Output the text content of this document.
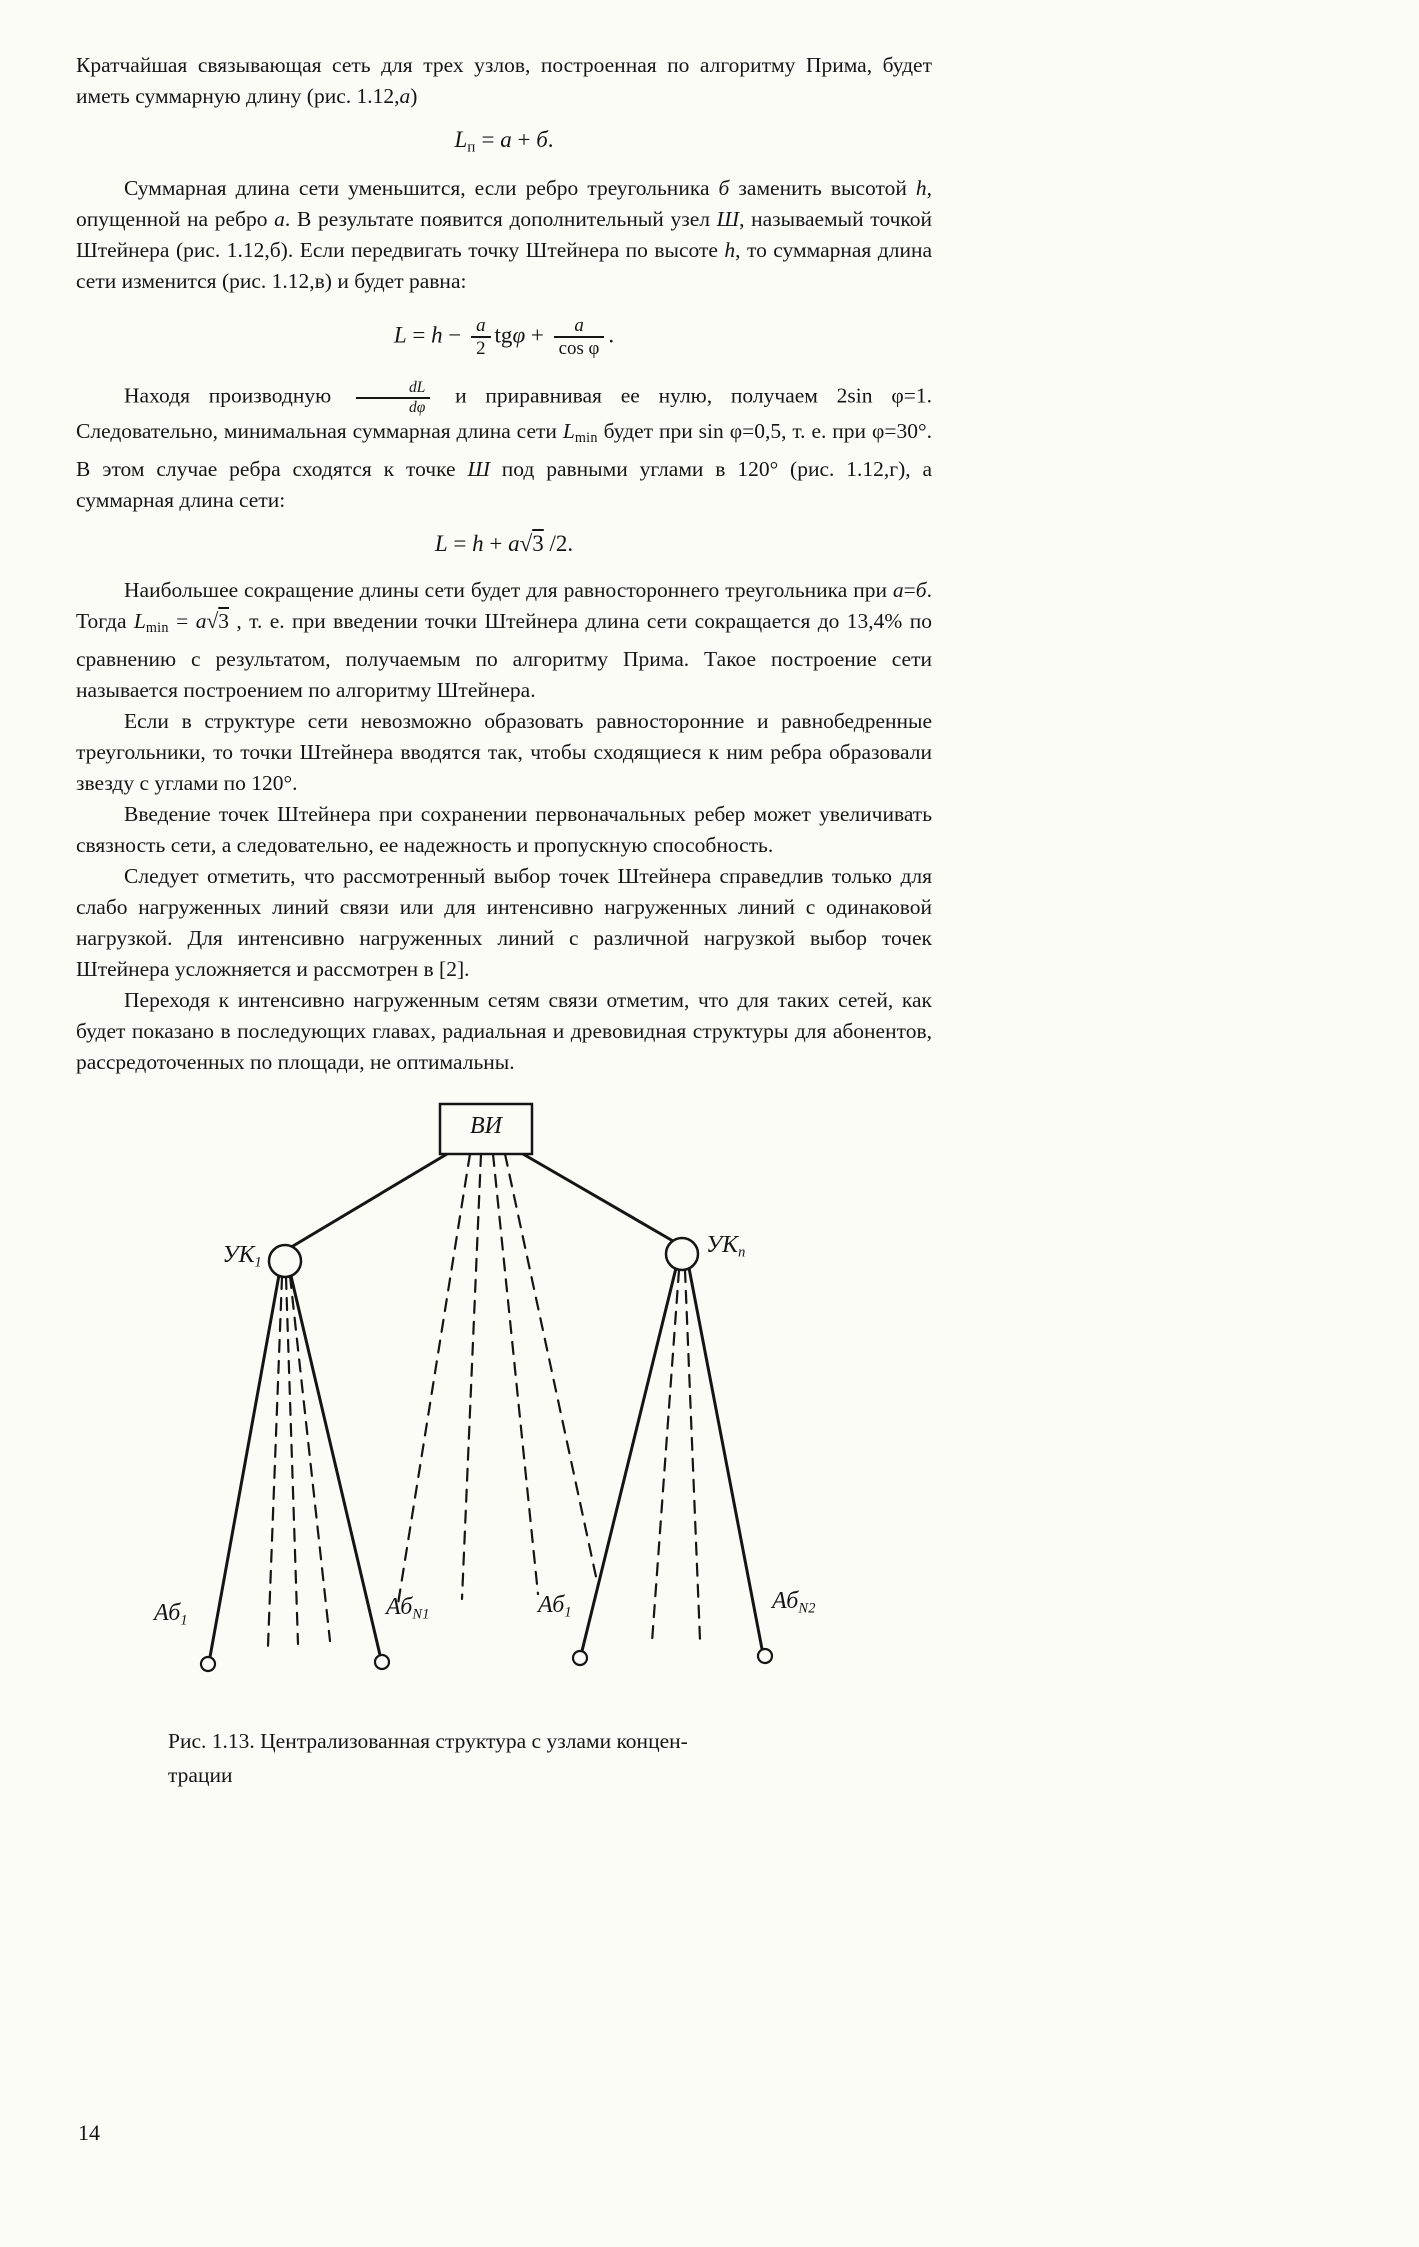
Кратчайшая связывающая сеть для трех узлов, построенная по алгоритму Прима, будет иметь суммарную длину (рис. 1.12,а)

$L_п = а + б$.

Суммарная длина сети уменьшится, если ребро треугольника б заменить высотой h, опущенной на ребро а. В результате появится дополнительный узел Ш, называемый точкой Штейнера (рис. 1.12,б). Если передвигать точку Штейнера по высоте h, то суммарная длина сети изменится (рис. 1.12,в) и будет равна:

$L = h - \frac{a}{2}$ $tg\varphi + \frac{a}{\text{cos φ}}$ .

Находя производную $\frac{dL}{d\varphi}$ и приравнивая ее нулю, получаем 2sin φ=1. Следовательно, минимальная суммарная длина сети $L_{min}$ будет при sin φ=0,5, т. е. при φ=30°. В этом случае ребра сходятся к точке Ш под равными углами в 120° (рис. 1.12,г), а суммарная длина сети:

L = h + a√3 /2.

Наибольшее сокращение длины сети будет для равностороннего треугольника при а=б. Тогда $L_{min} = а√3$ , т. е. при введении точки Штейнера длина сети сокращается до 13,4% по сравнению с результатом, получаемым по алгоритму Прима. Такое построение сети называется построением по алгоритму Штейнера.

Если в структуре сети невозможно образовать равносторонние и равнобедренные треугольники, то точки Штейнера вводятся так, чтобы сходящиеся к ним ребра образовали звезду с углами по 120°.

Введение точек Штейнера при сохранении первоначальных ребер может увеличивать связность сети, а следовательно, ее надежность и пропускную способность.

Следует отметить, что рассмотренный выбор точек Штейнера справедлив только для слабо нагруженных линий связи или для интенсивно нагруженных линий с одинаковой нагрузкой. Для интенсивно нагруженных линий с различной нагрузкой выбор точек Штейнера усложняется и рассмотрен в [2].

Переходя к интенсивно нагруженным сетям связи отметим, что для таких сетей, как будет показано в последующих главах, радиальная и древовидная структуры для абонентов, рассредоточенных по площади, не оптимальны.

ВИ
$УК_1$
$УК_n$
$Аб_1$
$Аб_{N1}$	$Аб_1$	$Аб_{N2}$
Рис. 1.13. Централизованная структура с узлами концен-
трации
14
